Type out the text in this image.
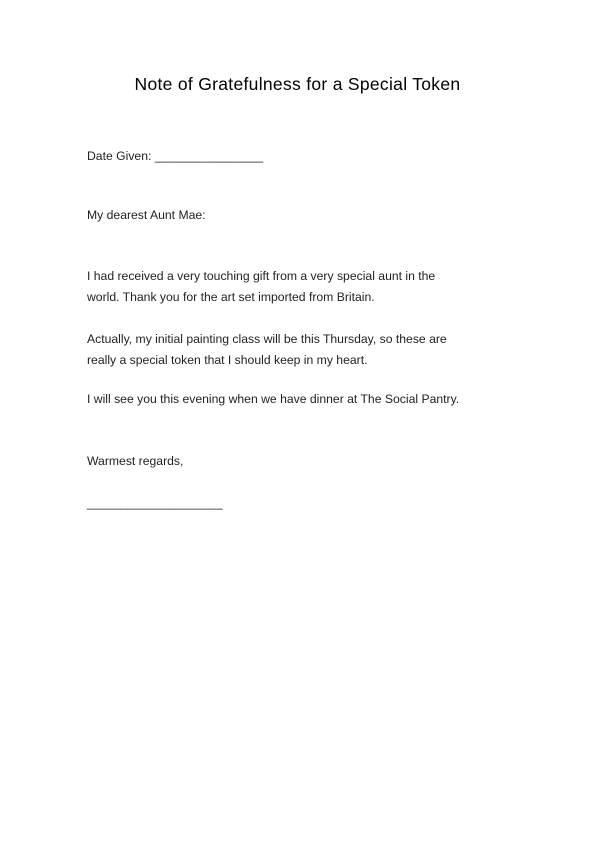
Note of Gratefulness for a Special Token
Date Given: ________________
My dearest Aunt Mae:
I had received a very touching gift from a very special aunt in the
world. Thank you for the art set imported from Britain.
Actually, my initial painting class will be this Thursday, so these are
really a special token that I should keep in my heart.
I will see you this evening when we have dinner at The Social Pantry.
Warmest regards,
____________________
